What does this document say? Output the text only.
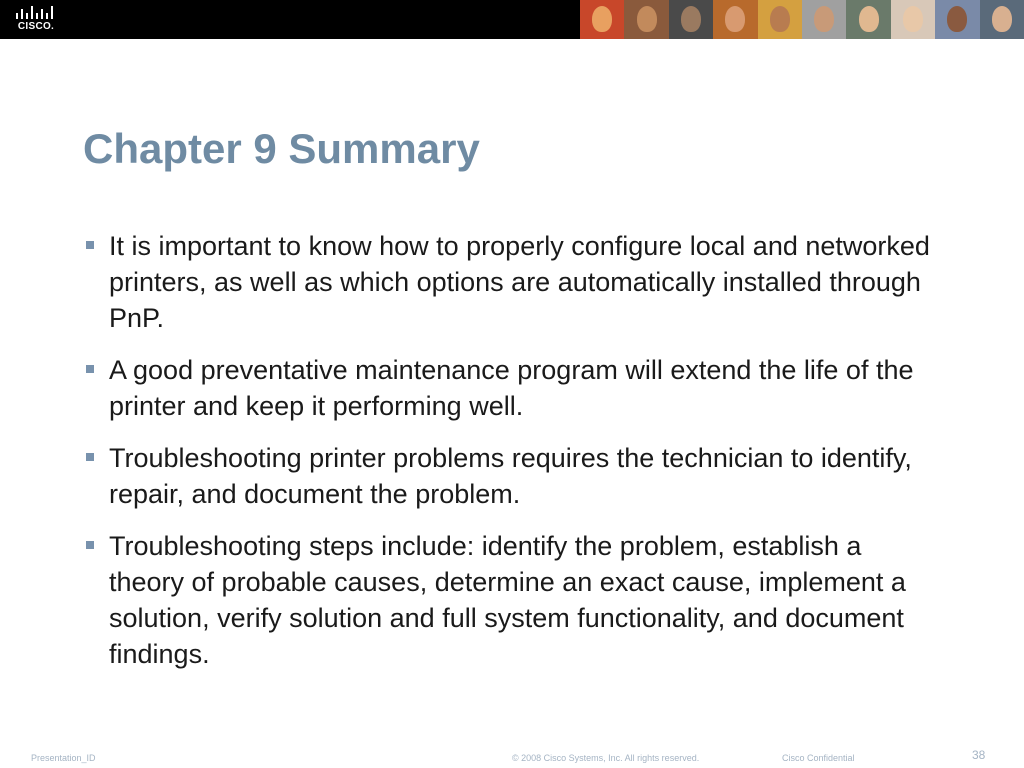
CISCO.
Chapter 9 Summary
It is important to know how to properly configure local and networked printers, as well as which options are automatically installed through PnP.
A good preventative maintenance program will extend the life of the printer and keep it performing well.
Troubleshooting printer problems requires the technician to identify, repair, and document the problem.
Troubleshooting steps include: identify the problem, establish a theory of probable causes, determine an exact cause, implement a solution, verify solution and full system functionality, and document findings.
Presentation_ID	© 2008 Cisco Systems, Inc. All rights reserved.	Cisco Confidential	38
